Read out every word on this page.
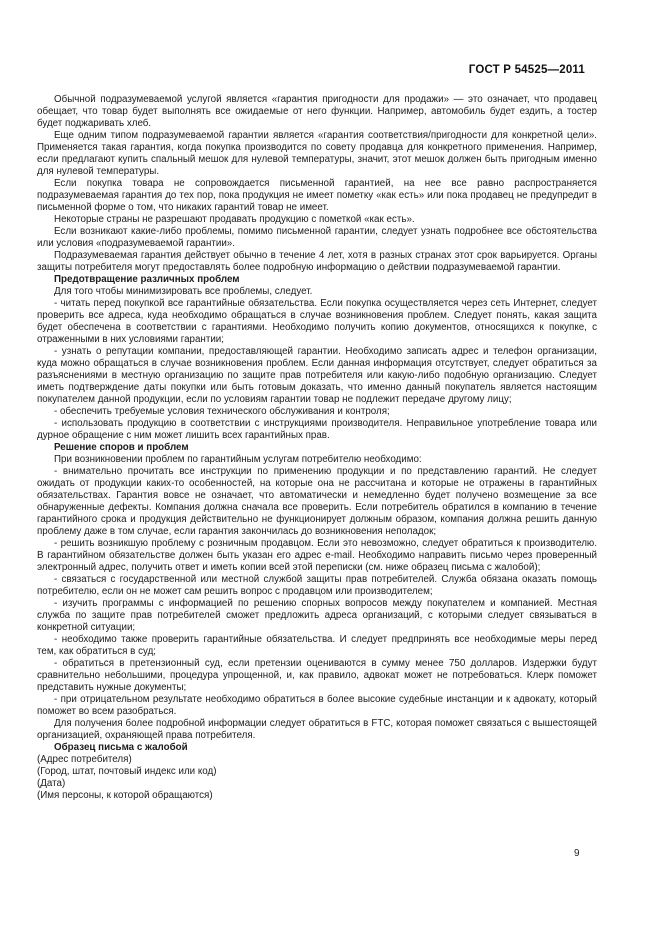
ГОСТ Р 54525—2011

Обычной подразумеваемой услугой является «гарантия пригодности для продажи» — это означает, что продавец обещает, что товар будет выполнять все ожидаемые от него функции. Например, автомобиль будет ездить, а тостер будет поджаривать хлеб.

Еще одним типом подразумеваемой гарантии является «гарантия соответствия/пригодности для конкретной цели». Применяется такая гарантия, когда покупка производится по совету продавца для конкретного применения. Например, если предлагают купить спальный мешок для нулевой температуры, значит, этот мешок должен быть пригодным именно для нулевой температуры.

Если покупка товара не сопровождается письменной гарантией, на нее все равно распространяется подразумеваемая гарантия до тех пор, пока продукция не имеет пометку «как есть» или пока продавец не предупредит в письменной форме о том, что никаких гарантий товар не имеет.

Некоторые страны не разрешают продавать продукцию с пометкой «как есть».

Если возникают какие-либо проблемы, помимо письменной гарантии, следует узнать подробнее все обстоятельства или условия «подразумеваемой гарантии».

Подразумеваемая гарантия действует обычно в течение 4 лет, хотя в разных странах этот срок варьируется. Органы защиты потребителя могут предоставлять более подробную информацию о действии подразумеваемой гарантии.

Предотвращение различных проблем

Для того чтобы минимизировать все проблемы, следует.

- читать перед покупкой все гарантийные обязательства. Если покупка осуществляется через сеть Интернет, следует проверить все адреса, куда необходимо обращаться в случае возникновения проблем. Следует понять, какая защита будет обеспечена в соответствии с гарантиями. Необходимо получить копию документов, относящихся к покупке, с отраженными в них условиями гарантии;

- узнать о репутации компании, предоставляющей гарантии. Необходимо записать адрес и телефон организации, куда можно обращаться в случае возникновения проблем. Если данная информация отсутствует, следует обратиться за разъяснениями в местную организацию по защите прав потребителя или какую-либо подобную организацию. Следует иметь подтверждение даты покупки или быть готовым доказать, что именно данный покупатель является настоящим покупателем данной продукции, если по условиям гарантии товар не подлежит передаче другому лицу;

- обеспечить требуемые условия технического обслуживания и контроля;

- использовать продукцию в соответствии с инструкциями производителя. Неправильное употребление товара или дурное обращение с ним может лишить всех гарантийных прав.

Решение споров и проблем

При возникновении проблем по гарантийным услугам потребителю необходимо:

- внимательно прочитать все инструкции по применению продукции и по представлению гарантий. Не следует ожидать от продукции каких-то особенностей, на которые она не рассчитана и которые не отражены в гарантийных обязательствах. Гарантия вовсе не означает, что автоматически и немедленно будет получено возмещение за все обнаруженные дефекты. Компания должна сначала все проверить. Если потребитель обратился в компанию в течение гарантийного срока и продукция действительно не функционирует должным образом, компания должна решить данную проблему даже в том случае, если гарантия закончилась до возникновения неполадок;

- решить возникшую проблему с розничным продавцом. Если это невозможно, следует обратиться к производителю. В гарантийном обязательстве должен быть указан его адрес e-mail. Необходимо направить письмо через проверенный электронный адрес, получить ответ и иметь копии всей этой переписки (см. ниже образец письма с жалобой);

- связаться с государственной или местной службой защиты прав потребителей. Служба обязана оказать помощь потребителю, если он не может сам решить вопрос с продавцом или производителем;

- изучить программы с информацией по решению спорных вопросов между покупателем и компанией. Местная служба по защите прав потребителей сможет предложить адреса организаций, с которыми следует связываться в конкретной ситуации;

- необходимо также проверить гарантийные обязательства. И следует предпринять все необходимые меры перед тем, как обратиться в суд;

- обратиться в претензионный суд, если претензии оцениваются в сумму менее 750 долларов. Издержки будут сравнительно небольшими, процедура упрощенной, и, как правило, адвокат может не потребоваться. Клерк поможет представить нужные документы;

- при отрицательном результате необходимо обратиться в более высокие судебные инстанции и к адвокату, который поможет во всем разобраться.

Для получения более подробной информации следует обратиться в FTC, которая поможет связаться с вышестоящей организацией, охраняющей права потребителя.

Образец письма с жалобой

(Адрес потребителя)

(Город, штат, почтовый индекс или код)

(Дата)

(Имя персоны, к которой обращаются)

9
